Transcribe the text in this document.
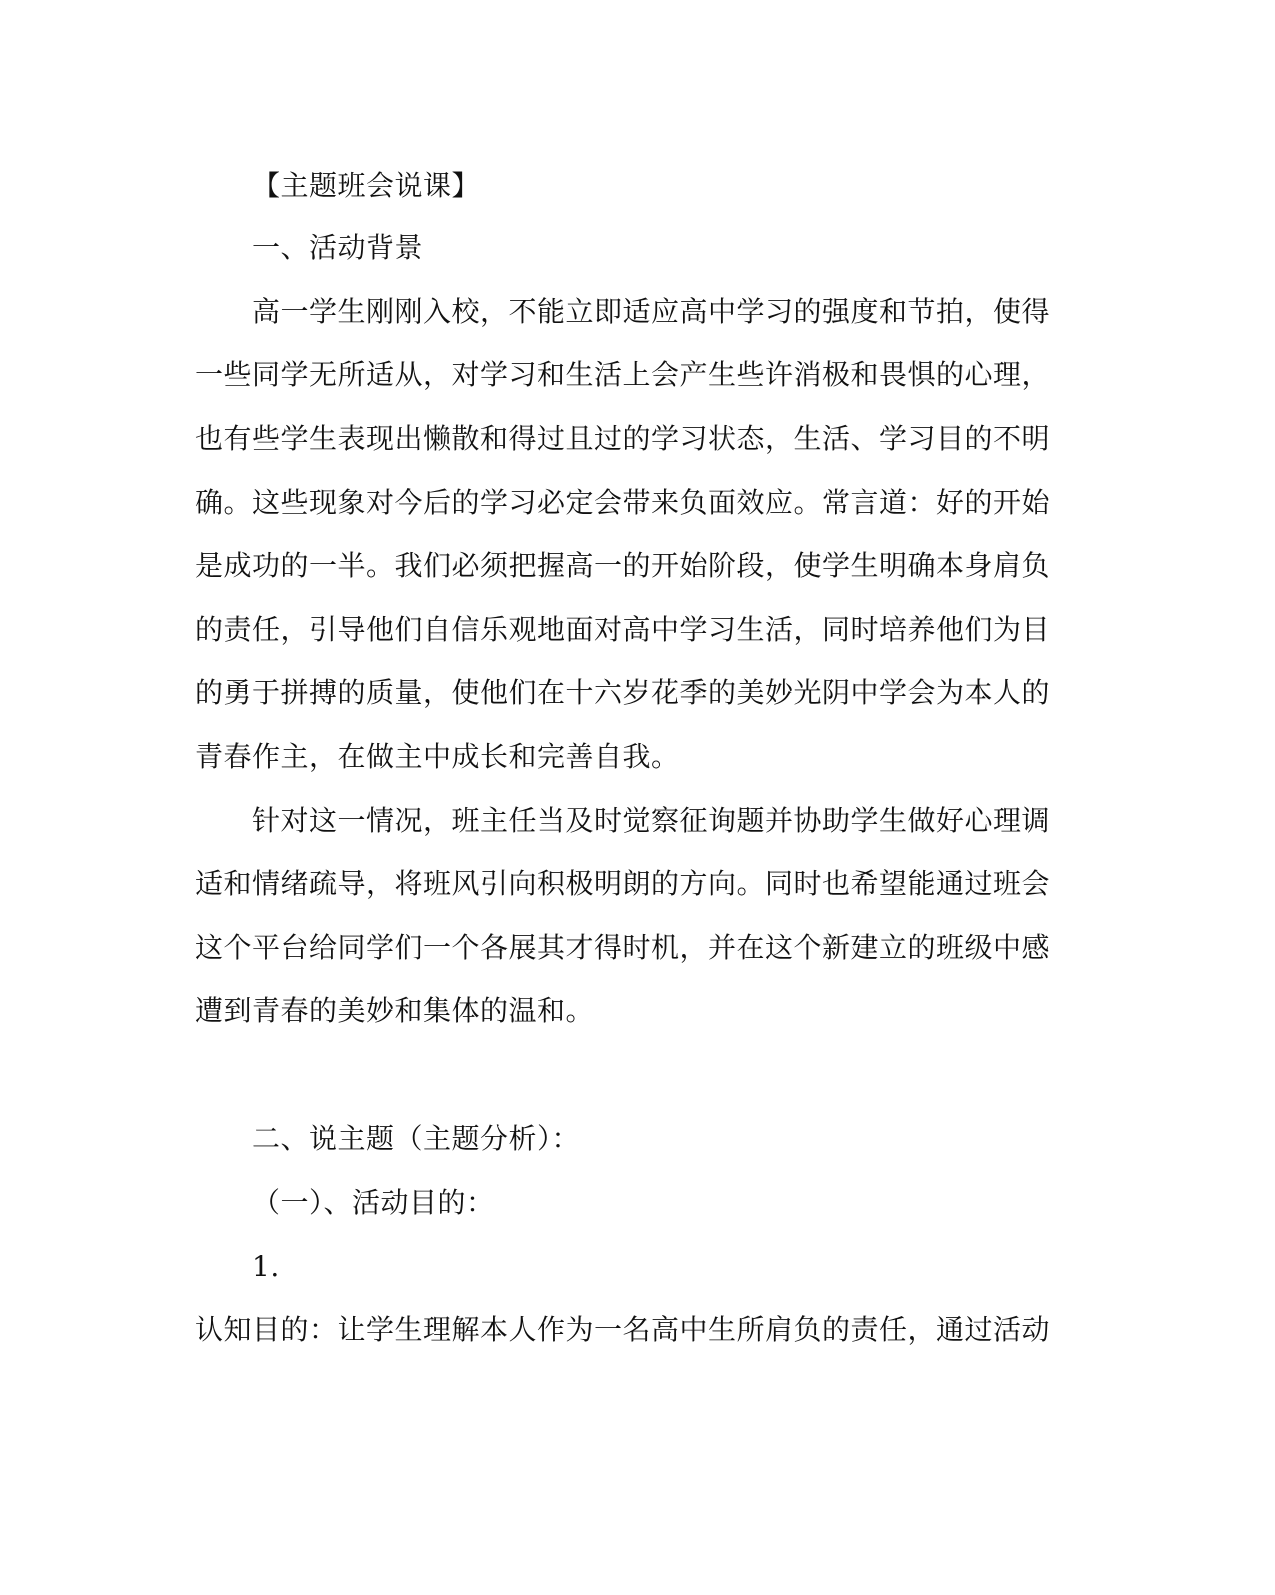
【主题班会说课】
一、活动背景
高一学生刚刚入校，不能立即适应高中学习的强度和节拍，使得
一些同学无所适从，对学习和生活上会产生些许消极和畏惧的心理，
也有些学生表现出懒散和得过且过的学习状态，生活、学习目的不明
确。这些现象对今后的学习必定会带来负面效应。常言道：好的开始
是成功的一半。我们必须把握高一的开始阶段，使学生明确本身肩负
的责任，引导他们自信乐观地面对高中学习生活，同时培养他们为目
的勇于拼搏的质量，使他们在十六岁花季的美妙光阴中学会为本人的
青春作主，在做主中成长和完善自我。
针对这一情况，班主任当及时觉察征询题并协助学生做好心理调
适和情绪疏导，将班风引向积极明朗的方向。同时也希望能通过班会
这个平台给同学们一个各展其才得时机，并在这个新建立的班级中感
遭到青春的美妙和集体的温和。
二、说主题（主题分析）：
（一）、活动目的：
1.
认知目的：让学生理解本人作为一名高中生所肩负的责任，通过活动
